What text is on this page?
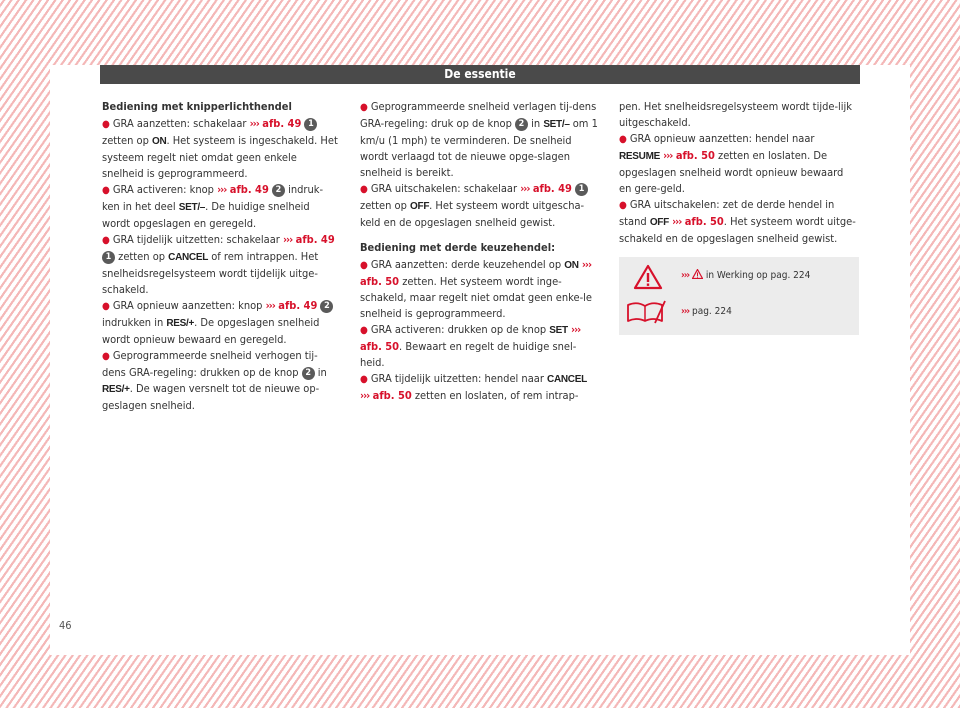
De essentie

Bediening met knipperlichthendel

● GRA aanzetten: schakelaar ››› afb. 49 1 zetten op ON. Het systeem is ingeschakeld. Het systeem regelt niet omdat geen enkele snelheid is geprogrammeerd.

● GRA activeren: knop ››› afb. 49 2 indruk-ken in het deel SET/–. De huidige snelheid wordt opgeslagen en geregeld.

● GRA tijdelijk uitzetten: schakelaar ››› afb. 49 1 zetten op CANCEL of rem intrappen. Het snelheidsregelsysteem wordt tijdelijk uitge-schakeld.

● GRA opnieuw aanzetten: knop ››› afb. 49 2 indrukken in RES/+. De opgeslagen snelheid wordt opnieuw bewaard en geregeld.

● Geprogrammeerde snelheid verhogen tij-dens GRA-regeling: drukken op de knop 2 in RES/+. De wagen versnelt tot de nieuwe op-geslagen snelheid.

● Geprogrammeerde snelheid verlagen tij-dens GRA-regeling: druk op de knop 2 in SET/– om 1 km/u (1 mph) te verminderen. De snelheid wordt verlaagd tot de nieuwe opge-slagen snelheid is bereikt.

● GRA uitschakelen: schakelaar ››› afb. 49 1 zetten op OFF. Het systeem wordt uitgescha-keld en de opgeslagen snelheid gewist.

Bediening met derde keuzehendel:

● GRA aanzetten: derde keuzehendel op ON ››› afb. 50 zetten. Het systeem wordt inge-schakeld, maar regelt niet omdat geen enke-le snelheid is geprogrammeerd.

● GRA activeren: drukken op de knop SET ››› afb. 50. Bewaart en regelt de huidige snel-heid.

● GRA tijdelijk uitzetten: hendel naar CANCEL ››› afb. 50 zetten en loslaten, of rem intrap-

pen. Het snelheidsregelsysteem wordt tijde-lijk uitgeschakeld.

● GRA opnieuw aanzetten: hendel naar RESUME ››› afb. 50 zetten en loslaten. De opgeslagen snelheid wordt opnieuw bewaard en gere-geld.

● GRA uitschakelen: zet de derde hendel in stand OFF ››› afb. 50. Het systeem wordt uitge-schakeld en de opgeslagen snelheid gewist.

››› in Werking op pag. 224
››› pag. 224
46
